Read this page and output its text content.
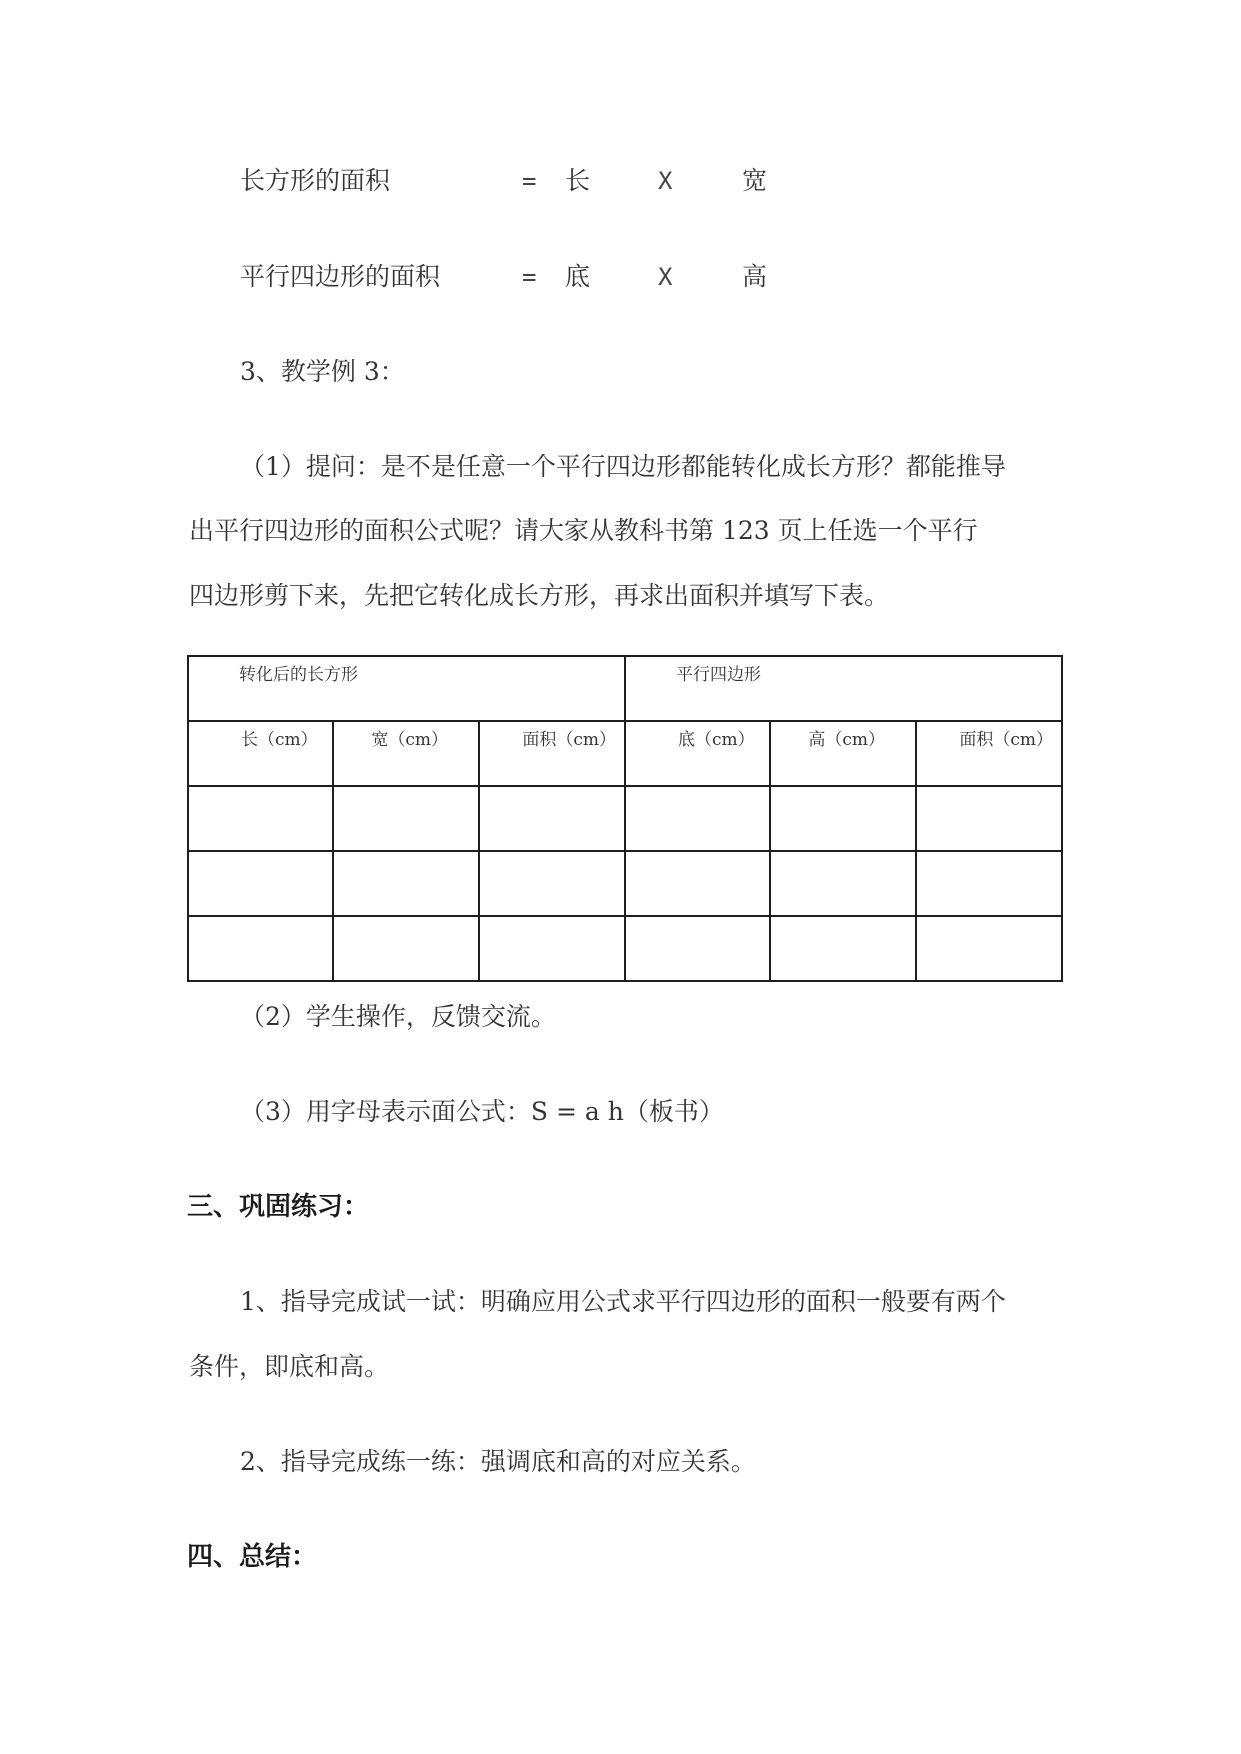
长方形的面积	= 长	X	宽
平行四边形的面积	= 底	X	高
3、教学例 3：
（1）提问：是不是任意一个平行四边形都能转化成长方形？都能推导
出平行四边形的面积公式呢？请大家从教科书第 123 页上任选一个平行
四边形剪下来，先把它转化成长方形，再求出面积并填写下表。
转化后的长方形			平行四边形		
长（cm）	宽（cm）	面积（cm）	底（cm）	高（cm）	面积（cm）

（2）学生操作，反馈交流。
（3）用字母表示面公式：S = a h（板书）
三、巩固练习：
1、指导完成试一试：明确应用公式求平行四边形的面积一般要有两个
条件，即底和高。
2、指导完成练一练：强调底和高的对应关系。
四、总结：
